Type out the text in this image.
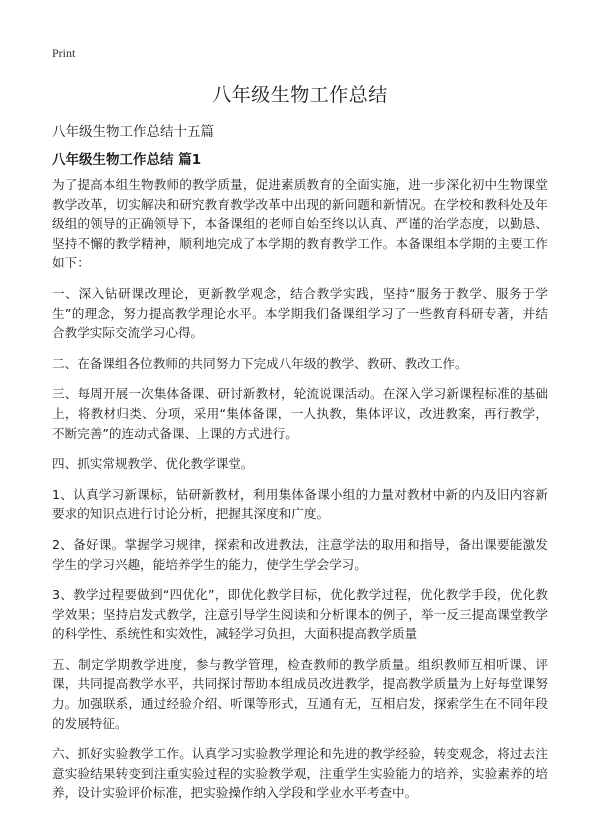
Print
八年级生物工作总结
八年级生物工作总结十五篇
八年级生物工作总结 篇1

为了提高本组生物教师的教学质量，促进素质教育的全面实施，进一步深化初中生物课堂教学改革，切实解决和研究教育教学改革中出现的新问题和新情况。在学校和教科处及年级组的领导的正确领导下，本备课组的老师自始至终以认真、严谨的治学态度，以勤恳、坚持不懈的教学精神，顺利地完成了本学期的教育教学工作。本备课组本学期的主要工作如下：

一、深入钻研课改理论，更新教学观念，结合教学实践，坚持“服务于教学、服务于学生”的理念，努力提高教学理论水平。本学期我们备课组学习了一些教育科研专著，并结合教学实际交流学习心得。

二、在备课组各位教师的共同努力下完成八年级的教学、教研、教改工作。

三、每周开展一次集体备课、研讨新教材，轮流说课活动。在深入学习新课程标准的基础上，将教材归类、分项，采用“集体备课，一人执教，集体评议，改进教案，再行教学，不断完善”的连动式备课、上课的方式进行。

四、抓实常规教学、优化教学课堂。

1、认真学习新课标，钻研新教材，利用集体备课小组的力量对教材中新的内及旧内容新要求的知识点进行讨论分析，把握其深度和广度。

2、备好课。掌握学习规律，探索和改进教法，注意学法的取用和指导，备出课要能激发学生的学习兴趣，能培养学生的能力，使学生学会学习。

3、教学过程要做到“四优化”，即优化教学目标，优化教学过程，优化教学手段，优化教学效果；坚持启发式教学，注意引导学生阅读和分析课本的例子，举一反三提高课堂教学的科学性、系统性和实效性，减轻学习负担，大面积提高教学质量

五、制定学期教学进度，参与教学管理，检查教师的教学质量。组织教师互相听课、评课，共同提高教学水平，共同探讨帮助本组成员改进教学，提高教学质量为上好每堂课努力。加强联系，通过经验介绍、听课等形式，互通有无，互相启发，探索学生在不同年段的发展特征。

六、抓好实验教学工作。认真学习实验教学理论和先进的教学经验，转变观念，将过去注意实验结果转变到注重实验过程的实验教学观，注重学生实验能力的培养，实验素养的培养，设计实验评价标准，把实验操作纳入学段和学业水平考查中。
